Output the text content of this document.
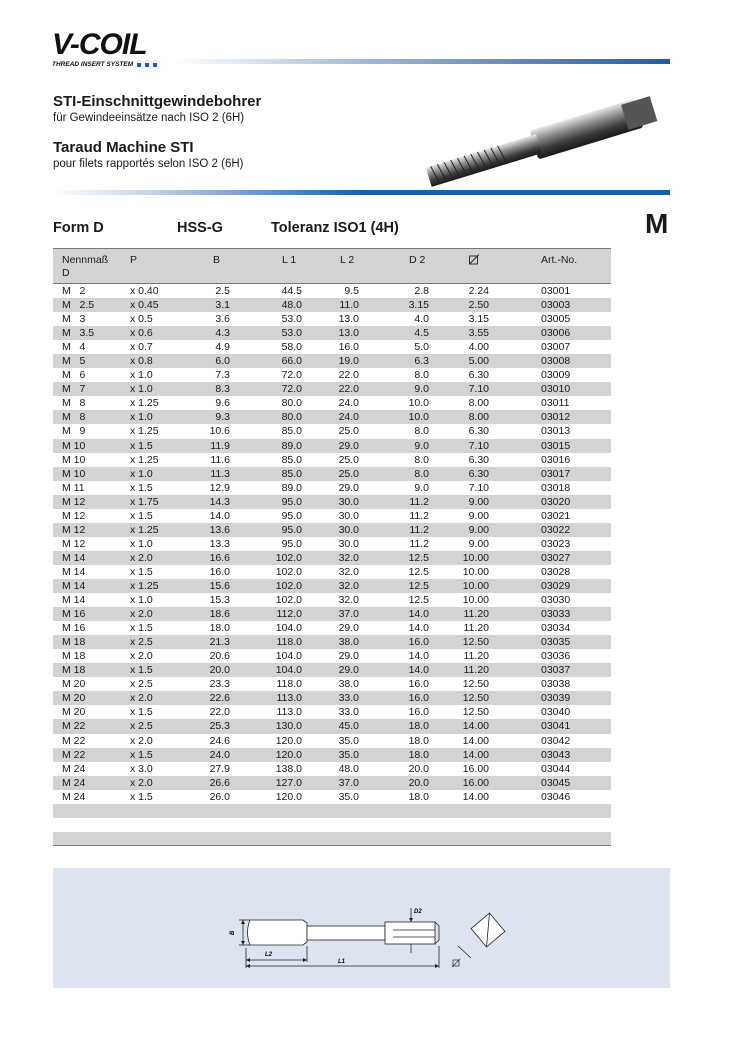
V-COIL
THREAD INSERT SYSTEM
STI-Einschnittgewindebohrer
für Gewindeeinsätze nach ISO 2 (6H)
Taraud Machine STI
pour filets rapportés selon ISO 2 (6H)
Form D	HSS-G	Toleranz ISO1 (4H)	M
Nennmaß
D
P	B	L 1	L 2	D 2	Art.-No.
M   2	x 0.40	2.5	44.5	9.5	2.8	2.24	03001
M   2.5	x 0.45	3.1	48.0	11.0	3.15	2.50	03003
M   3	x 0.5	3.6	53.0	13.0	4.0	3.15	03005
M   3.5	x 0.6	4.3	53.0	13.0	4.5	3.55	03006
M   4	x 0.7	4.9	58.0	16.0	5.0	4.00	03007
M   5	x 0.8	6.0	66.0	19.0	6.3	5.00	03008
M   6	x 1.0	7.3	72.0	22.0	8.0	6.30	03009
M   7	x 1.0	8.3	72.0	22.0	9.0	7.10	03010
M   8	x 1.25	9.6	80.0	24.0	10.0	8.00	03011
M   8	x 1.0	9.3	80.0	24.0	10.0	8.00	03012
M   9	x 1.25	10.6	85.0	25.0	8.0	6.30	03013
M 10	x 1.5	11.9	89.0	29.0	9.0	7.10	03015
M 10	x 1.25	11.6	85.0	25.0	8.0	6.30	03016
M 10	x 1.0	11.3	85.0	25.0	8.0	6.30	03017
M 11	x 1.5	12.9	89.0	29.0	9.0	7.10	03018
M 12	x 1.75	14.3	95.0	30.0	11.2	9.00	03020
M 12	x 1.5	14.0	95.0	30.0	11.2	9.00	03021
M 12	x 1.25	13.6	95.0	30.0	11.2	9.00	03022
M 12	x 1.0	13.3	95.0	30.0	11.2	9.00	03023
M 14	x 2.0	16.6	102.0	32.0	12.5	10.00	03027
M 14	x 1.5	16.0	102.0	32.0	12.5	10.00	03028
M 14	x 1.25	15.6	102.0	32.0	12.5	10.00	03029
M 14	x 1.0	15.3	102.0	32.0	12.5	10.00	03030
M 16	x 2.0	18.6	112.0	37.0	14.0	11.20	03033
M 16	x 1.5	18.0	104.0	29.0	14.0	11.20	03034
M 18	x 2.5	21.3	118.0	38.0	16.0	12.50	03035
M 18	x 2.0	20.6	104.0	29.0	14.0	11.20	03036
M 18	x 1.5	20.0	104.0	29.0	14.0	11.20	03037
M 20	x 2.5	23.3	118.0	38.0	16.0	12.50	03038
M 20	x 2.0	22.6	113.0	33.0	16.0	12.50	03039
M 20	x 1.5	22.0	113.0	33.0	16.0	12.50	03040
M 22	x 2.5	25.3	130.0	45.0	18.0	14.00	03041
M 22	x 2.0	24.6	120.0	35.0	18.0	14.00	03042
M 22	x 1.5	24.0	120.0	35.0	18.0	14.00	03043
M 24	x 3.0	27.9	138.0	48.0	20.0	16.00	03044
M 24	x 2.0	26.6	127.0	37.0	20.0	16.00	03045
M 24	x 1.5	26.0	120.0	35.0	18.0	14.00	03046
B
L2
L1
D2
